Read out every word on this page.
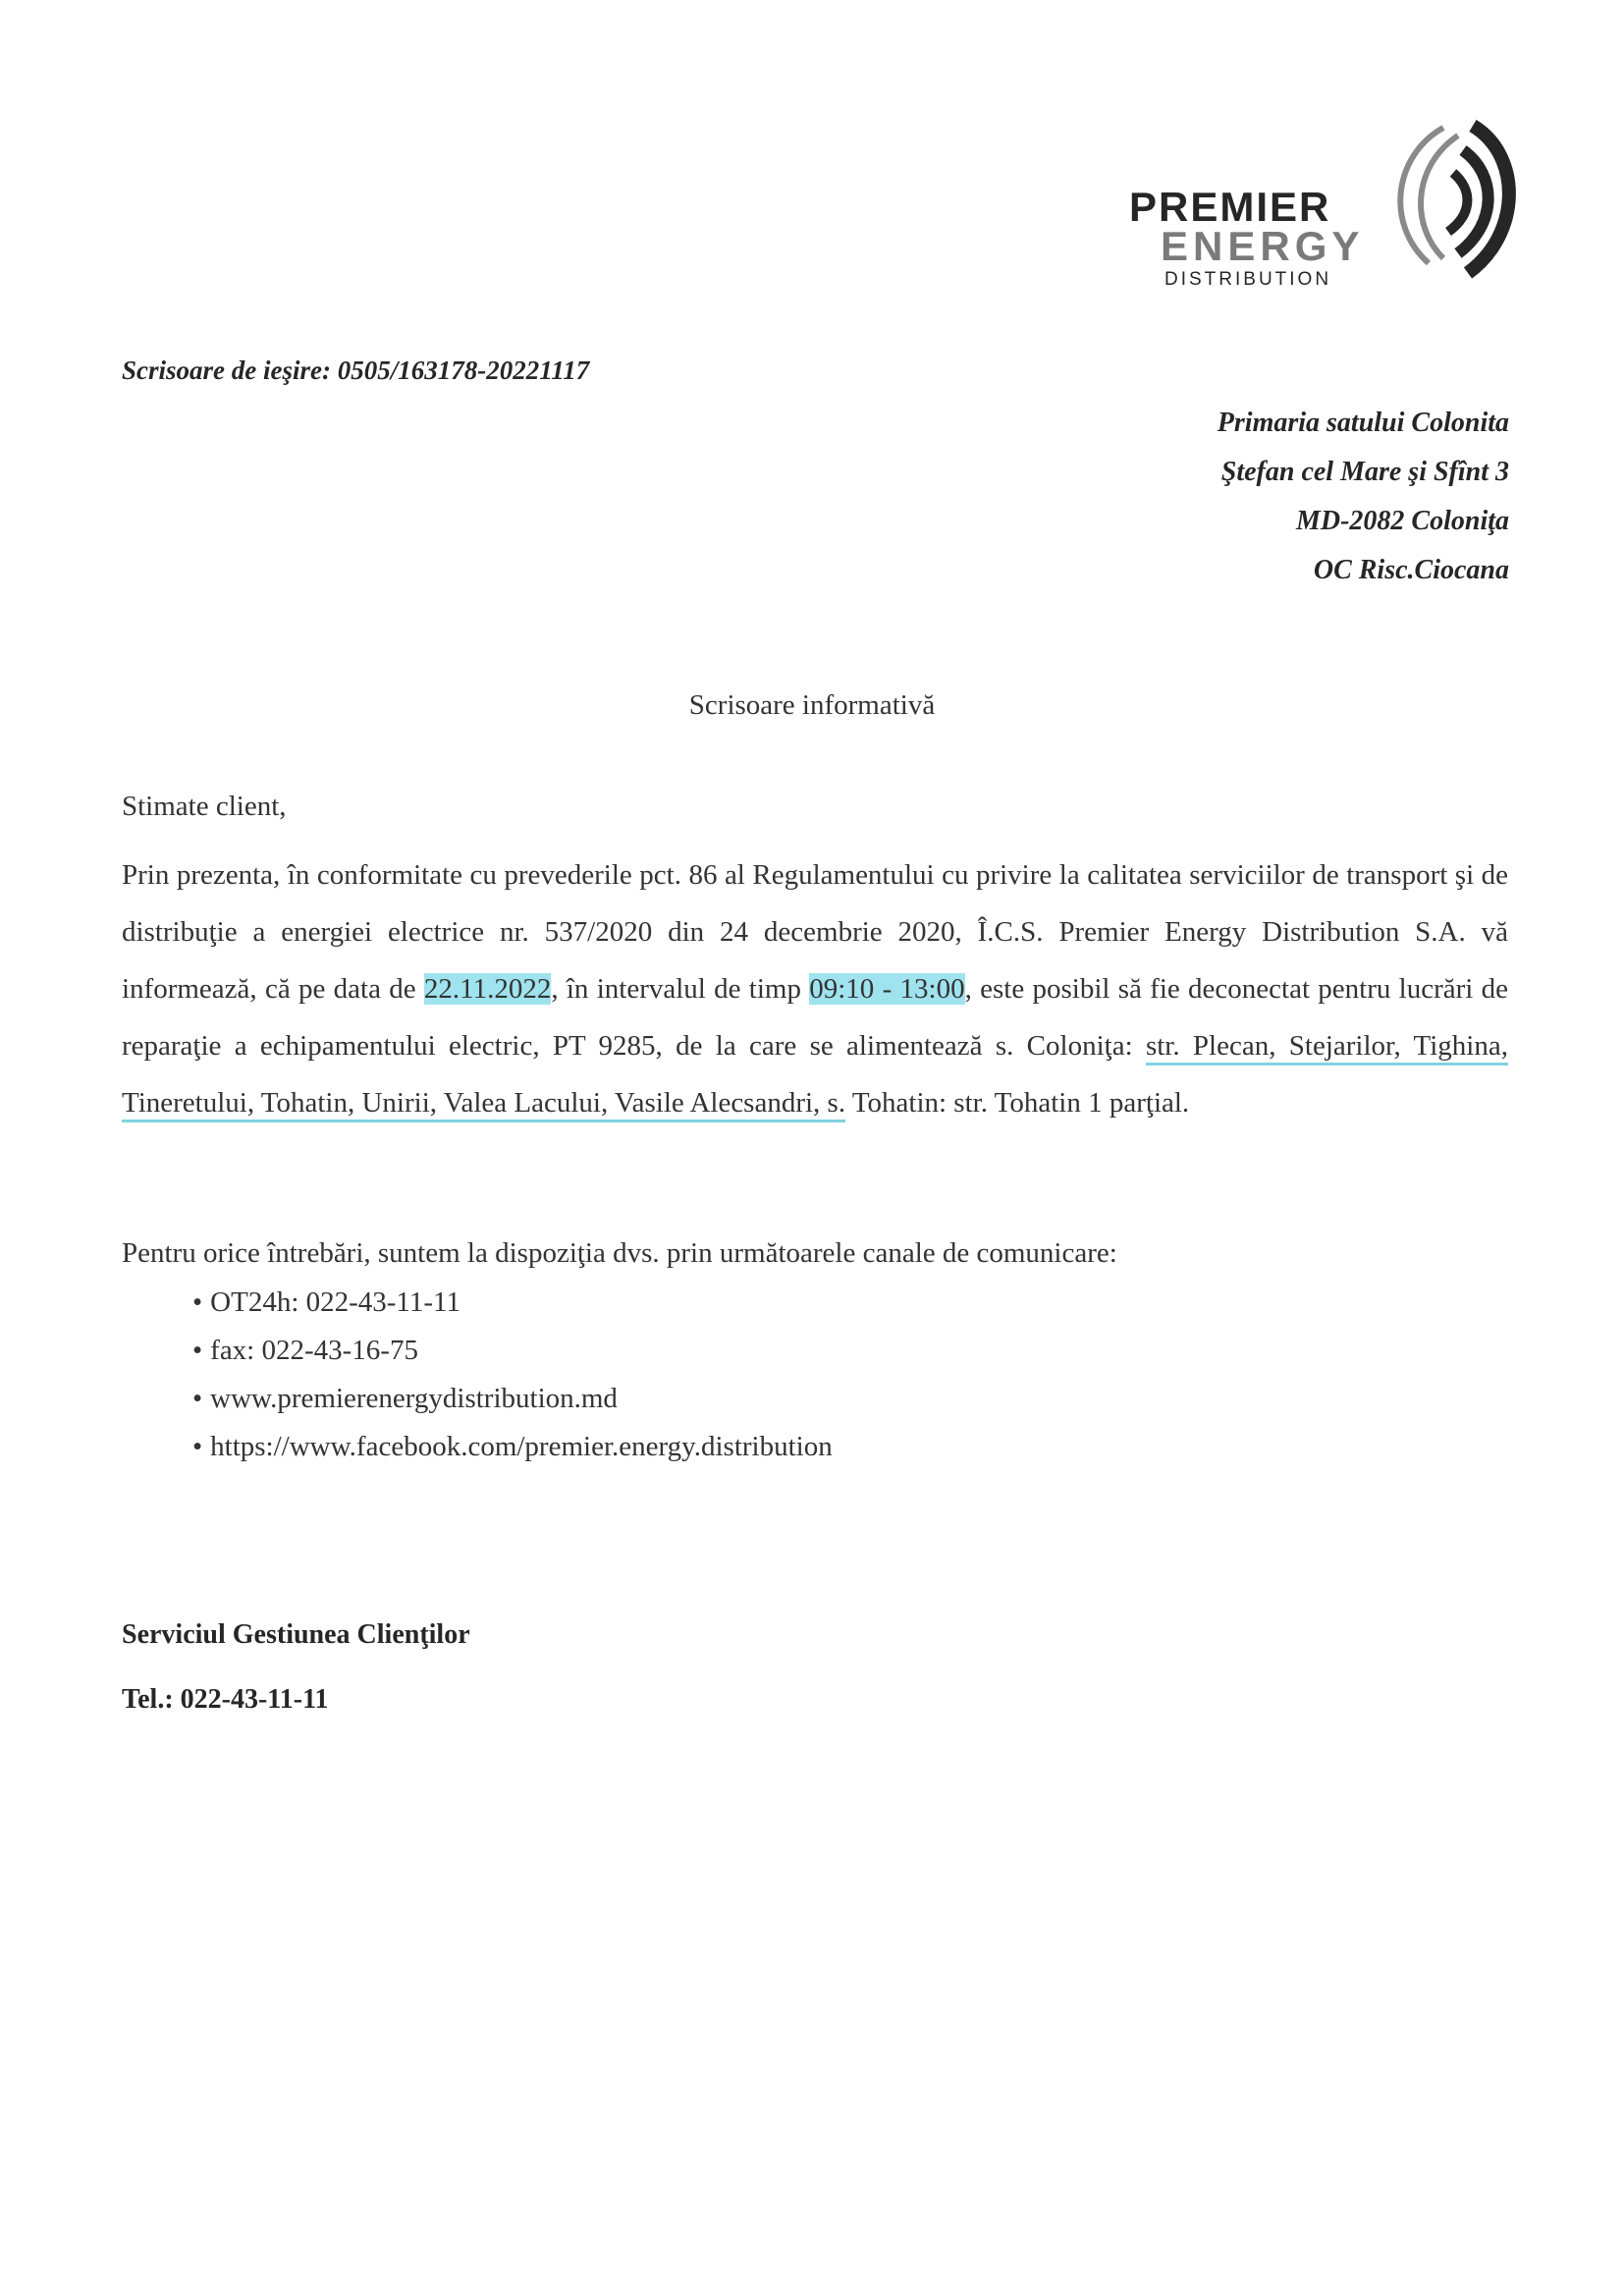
PREMIER
ENERGY
DISTRIBUTION
Scrisoare de ieşire: 0505/163178-20221117
Primaria satului Colonita
Ştefan cel Mare şi Sfînt 3
MD-2082 Coloniţa
OC Risc.Ciocana
Scrisoare informativă
Stimate client,
Prin prezenta, în conformitate cu prevederile pct. 86 al Regulamentului cu privire la calitatea serviciilor de transport şi de distribuţie a energiei electrice nr. 537/2020 din 24 decembrie 2020, Î.C.S. Premier Energy Distribution S.A. vă informează, că pe data de 22.11.2022, în intervalul de timp 09:10 - 13:00, este posibil să fie deconectat pentru lucrări de reparaţie a echipamentului electric, PT 9285, de la care se alimentează s. Coloniţa: str. Plecan, Stejarilor, Tighina, Tineretului, Tohatin, Unirii, Valea Lacului, Vasile Alecsandri, s. Tohatin: str. Tohatin 1 parţial.
Pentru orice întrebări, suntem la dispoziţia dvs. prin următoarele canale de comunicare:
• OT24h: 022-43-11-11
• fax: 022-43-16-75
• www.premierenergydistribution.md
• https://www.facebook.com/premier.energy.distribution
Serviciul Gestiunea Clienţilor
Tel.: 022-43-11-11
